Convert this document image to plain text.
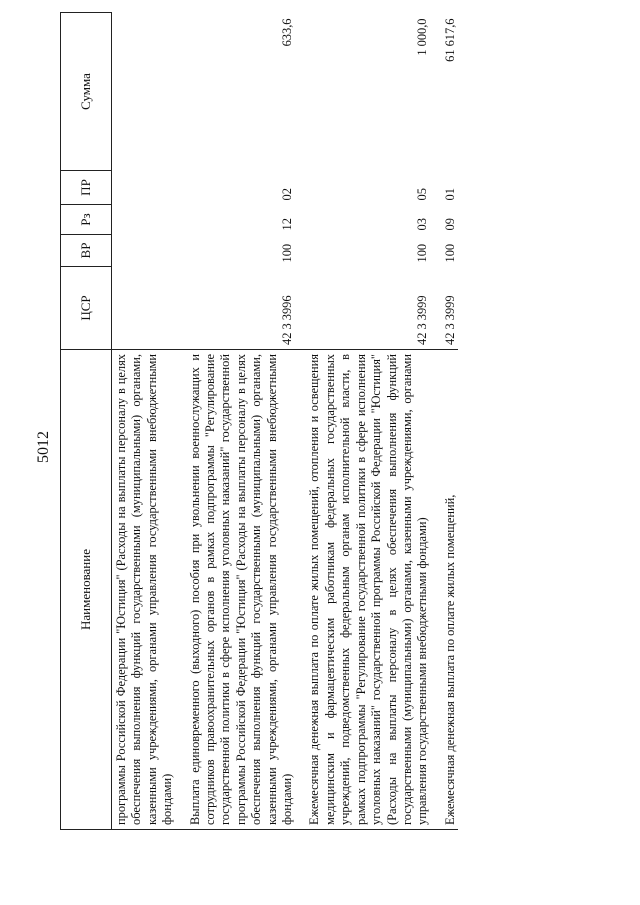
5012
Наименование	ЦСР	ВР	Рз	ПР	Сумма
программы Российской Федерации "Юстиция" (Расходы на выплаты персоналу в целях обеспечения выполнения функций государственными (муниципальными) органами, казенными учреждениями, органами управления государственными внебюджетными фондами)					

Выплата единовременного (выходного) пособия при увольнении военнослужащих и сотрудников правоохранительных органов в рамках подпрограммы "Регулирование государственной политики в сфере исполнения уголовных наказаний" государственной программы Российской Федерации "Юстиция" (Расходы на выплаты персоналу в целях обеспечения выполнения функций государственными (муниципальными) органами, казенными учреждениями, органами управления государственными внебюджетными фондами)	42 3 3996	100	12	02	633,6

Ежемесячная денежная выплата по оплате жилых помещений, отопления и освещения медицинским и фармацевтическим работникам федеральных государственных учреждений, подведомственных федеральным органам исполнительной власти, в рамках подпрограммы "Регулирование государственной политики в сфере исполнения уголовных наказаний" государственной программы Российской Федерации "Юстиция" (Расходы на выплаты персоналу в целях обеспечения выполнения функций государственными (муниципальными) органами, казенными учреждениями, органами управления государственными внебюджетными фондами)	42 3 3999	100	03	05	1 000,0

Ежемесячная денежная выплата по оплате жилых помещений,	42 3 3999	100	09	01	61 617,6
